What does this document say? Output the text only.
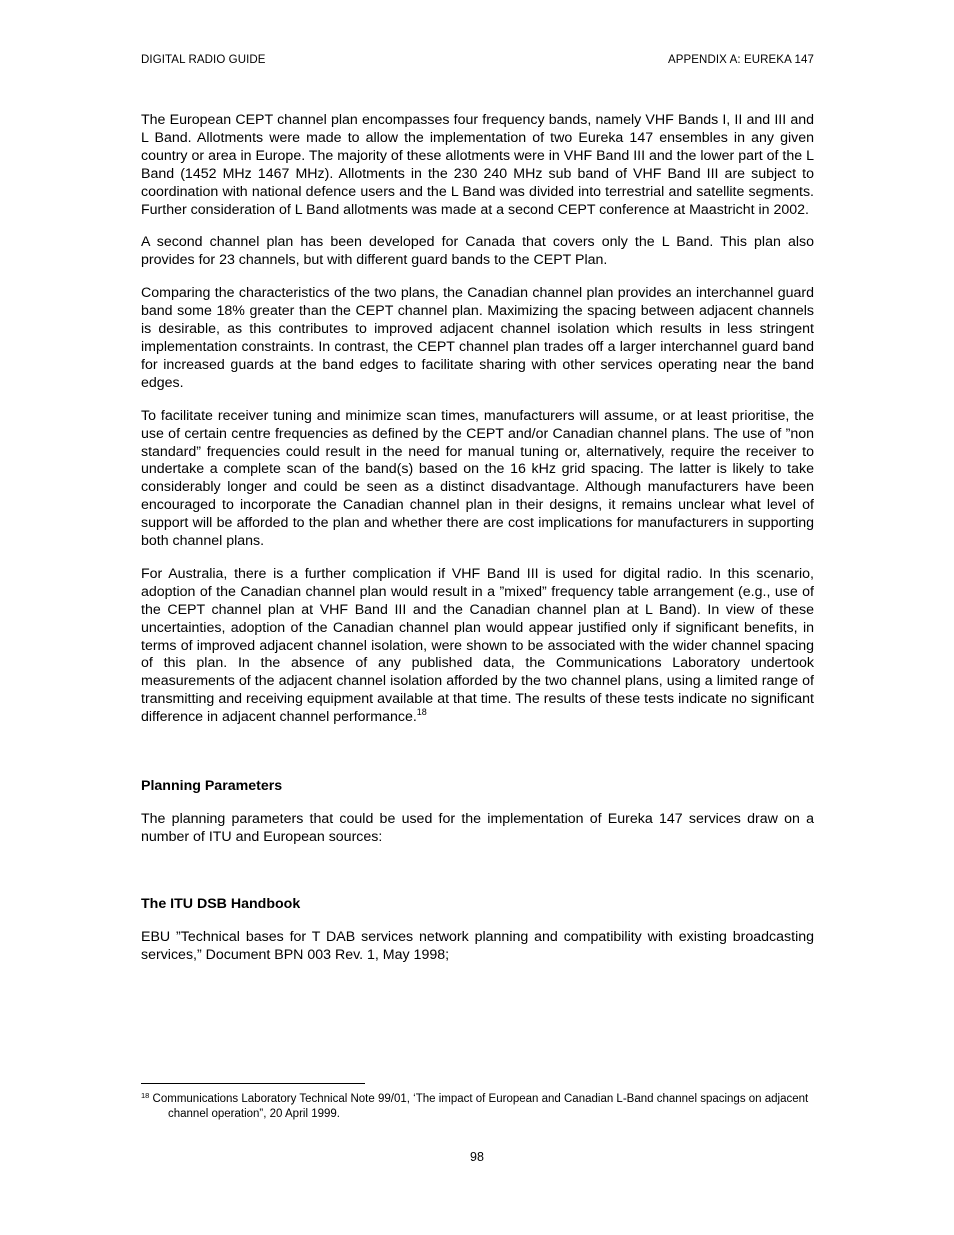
DIGITAL RADIO GUIDE	APPENDIX A: EUREKA 147

The European CEPT channel plan encompasses four frequency bands, namely VHF Bands I, II and III and L Band. Allotments were made to allow the implementation of two Eureka 147 ensembles in any given country or area in Europe. The majority of these allotments were in VHF Band III and the lower part of the L Band (1452 MHz 1467 MHz). Allotments in the 230 240 MHz sub band of VHF Band III are subject to coordination with national defence users and the L Band was divided into terrestrial and satellite segments. Further consideration of L Band allotments was made at a second CEPT conference at Maastricht in 2002.

A second channel plan has been developed for Canada that covers only the L Band. This plan also provides for 23 channels, but with different guard bands to the CEPT Plan.

Comparing the characteristics of the two plans, the Canadian channel plan provides an interchannel guard band some 18% greater than the CEPT channel plan. Maximizing the spacing between adjacent channels is desirable, as this contributes to improved adjacent channel isolation which results in less stringent implementation constraints. In contrast, the CEPT channel plan trades off a larger interchannel guard band for increased guards at the band edges to facilitate sharing with other services operating near the band edges.

To facilitate receiver tuning and minimize scan times, manufacturers will assume, or at least prioritise, the use of certain centre frequencies as defined by the CEPT and/or Canadian channel plans. The use of ”non standard” frequencies could result in the need for manual tuning or, alternatively, require the receiver to undertake a complete scan of the band(s) based on the 16 kHz grid spacing. The latter is likely to take considerably longer and could be seen as a distinct disadvantage. Although manufacturers have been encouraged to incorporate the Canadian channel plan in their designs, it remains unclear what level of support will be afforded to the plan and whether there are cost implications for manufacturers in supporting both channel plans.

For Australia, there is a further complication if VHF Band III is used for digital radio. In this scenario, adoption of the Canadian channel plan would result in a ”mixed” frequency table arrangement (e.g., use of the CEPT channel plan at VHF Band III and the Canadian channel plan at L Band). In view of these uncertainties, adoption of the Canadian channel plan would appear justified only if significant benefits, in terms of improved adjacent channel isolation, were shown to be associated with the wider channel spacing of this plan. In the absence of any published data, the Communications Laboratory undertook measurements of the adjacent channel isolation afforded by the two channel plans, using a limited range of transmitting and receiving equipment available at that time. The results of these tests indicate no significant difference in adjacent channel performance.$^{18}$

Planning Parameters

The planning parameters that could be used for the implementation of Eureka 147 services draw on a number of ITU and European sources:

The ITU DSB Handbook

EBU ”Technical bases for T DAB services network planning and compatibility with existing broadcasting services,” Document BPN 003 Rev. 1, May 1998;

$^{18}$ Communications Laboratory Technical Note 99/01, ‘The impact of European and Canadian L-Band channel spacings on adjacent channel operation”, 20 April 1999.
98
